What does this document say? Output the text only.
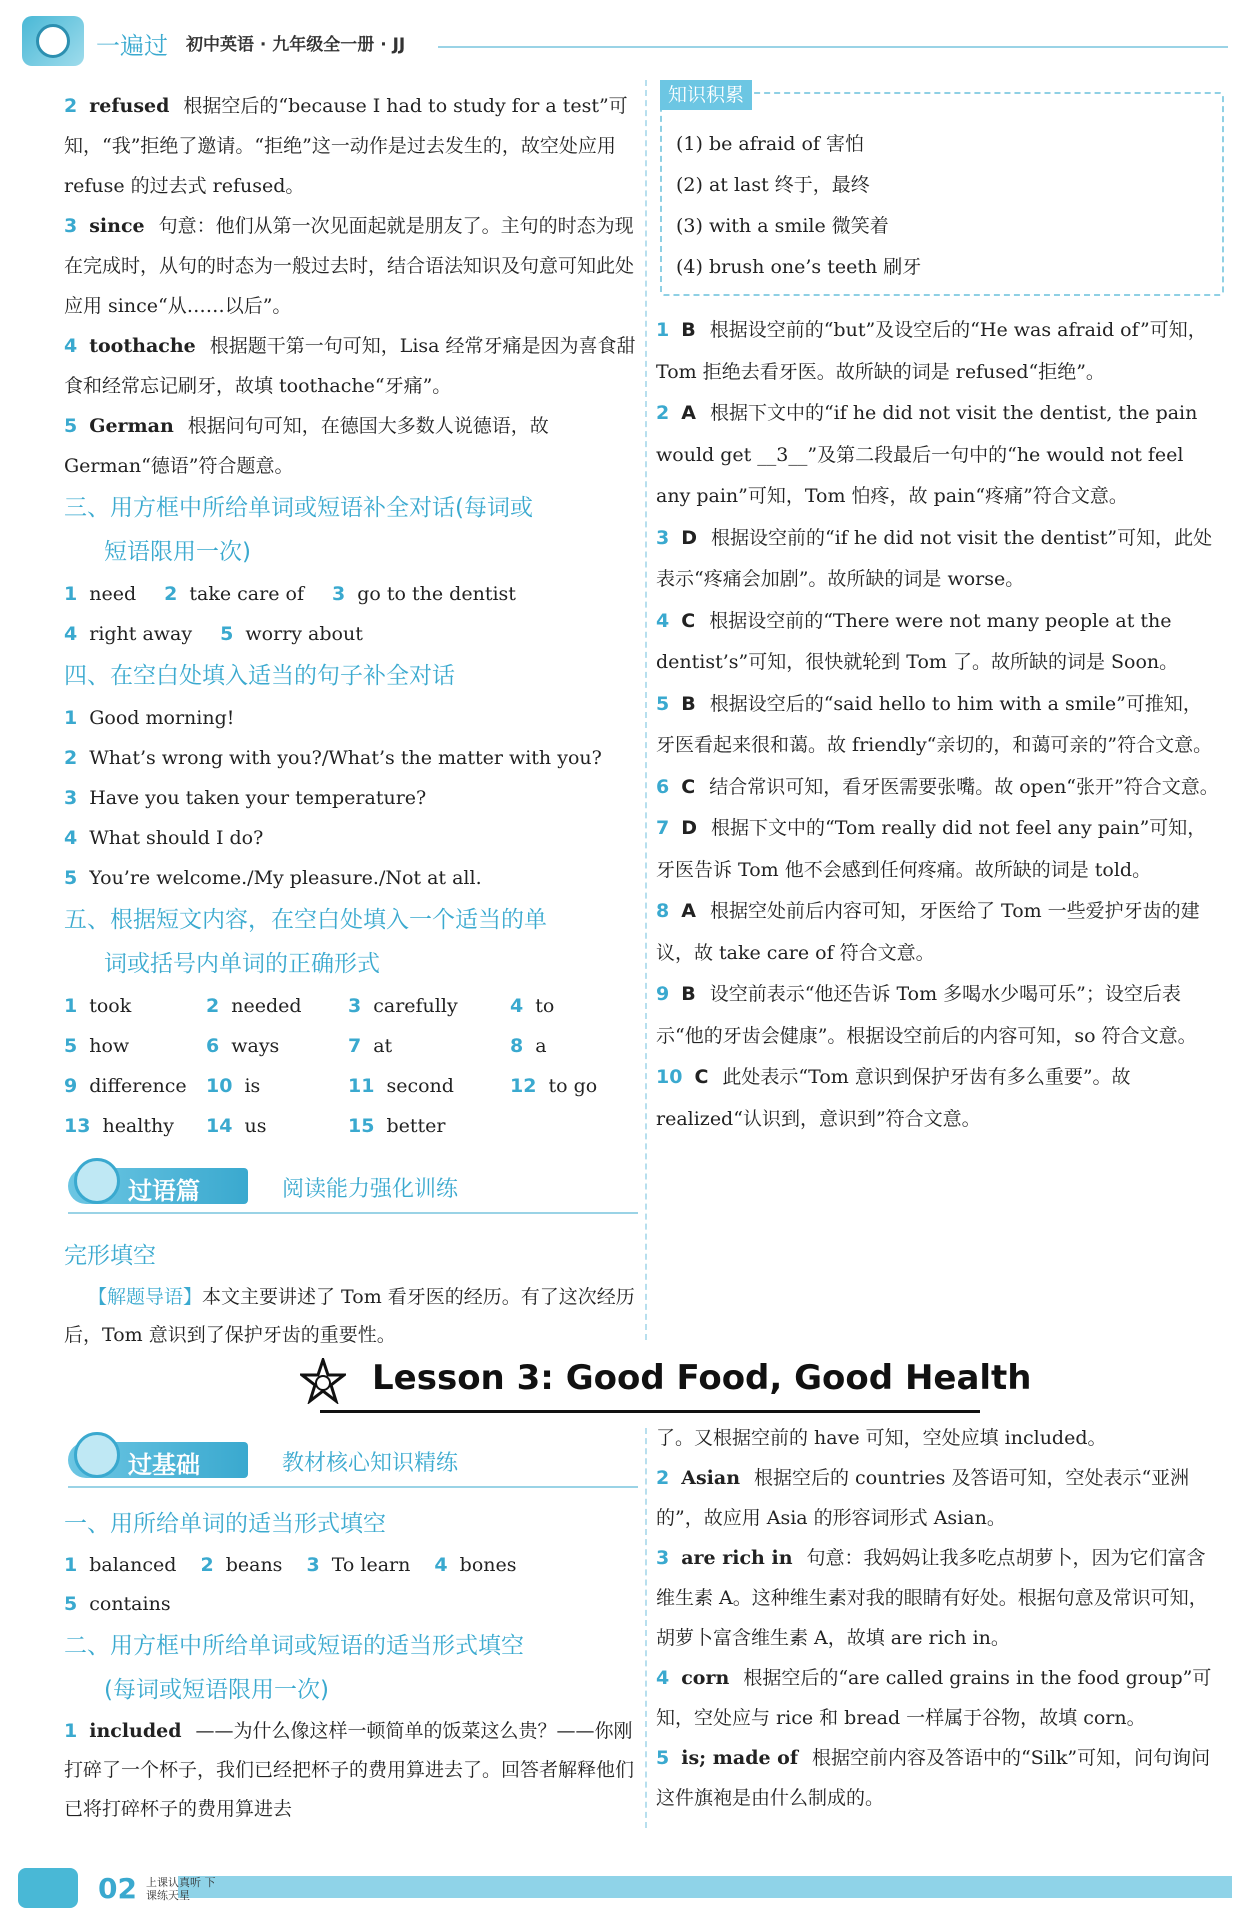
一遍过 初中英语 · 九年级全一册 · JJ

2 refused 根据空后的“because I had to study for a test”可知，“我”拒绝了邀请。“拒绝”这一动作是过去发生的，故空处应用 refuse 的过去式 refused。

3 since 句意：他们从第一次见面起就是朋友了。主句的时态为现在完成时，从句的时态为一般过去时，结合语法知识及句意可知此处应用 since“从……以后”。

4 toothache 根据题干第一句可知，Lisa 经常牙痛是因为喜食甜食和经常忘记刷牙，故填 toothache“牙痛”。

5 German 根据问句可知，在德国大多数人说德语，故 German“德语”符合题意。

三、用方框中所给单词或短语补全对话(每词或

短语限用一次)

1 need 2 take care of 3 go to the dentist

4 right away 5 worry about

四、在空白处填入适当的句子补全对话

1 Good morning!

2 What’s wrong with you?/What’s the matter with you?

3 Have you taken your temperature?

4 What should I do?

5 You’re welcome./My pleasure./Not at all.

五、根据短文内容，在空白处填入一个适当的单

词或括号内单词的正确形式

1 took	2 needed	3 carefully	4 to
5 how	6 ways	7 at	8 a
9 difference	10 is	11 second	12 to go
13 healthy	14 us	15 better
过语篇	阅读能力强化训练

完形填空

【解题导语】本文主要讲述了 Tom 看牙医的经历。有了这次经历后，Tom 意识到了保护牙齿的重要性。

知识积累

(1) be afraid of 害怕

(2) at last 终于，最终

(3) with a smile 微笑着

(4) brush one’s teeth 刷牙

1 B 根据设空前的“but”及设空后的“He was afraid of”可知，Tom 拒绝去看牙医。故所缺的词是 refused“拒绝”。

2 A 根据下文中的“if he did not visit the dentist, the pain would get __3__”及第二段最后一句中的“he would not feel any pain”可知，Tom 怕疼，故 pain“疼痛”符合文意。

3 D 根据设空前的“if he did not visit the dentist”可知，此处表示“疼痛会加剧”。故所缺的词是 worse。

4 C 根据设空前的“There were not many people at the dentist’s”可知，很快就轮到 Tom 了。故所缺的词是 Soon。

5 B 根据设空后的“said hello to him with a smile”可推知，牙医看起来很和蔼。故 friendly“亲切的，和蔼可亲的”符合文意。

6 C 结合常识可知，看牙医需要张嘴。故 open“张开”符合文意。

7 D 根据下文中的“Tom really did not feel any pain”可知，牙医告诉 Tom 他不会感到任何疼痛。故所缺的词是 told。

8 A 根据空处前后内容可知，牙医给了 Tom 一些爱护牙齿的建议，故 take care of 符合文意。

9 B 设空前表示“他还告诉 Tom 多喝水少喝可乐”；设空后表示“他的牙齿会健康”。根据设空前后的内容可知，so 符合文意。

10 C 此处表示“Tom 意识到保护牙齿有多么重要”。故 realized“认识到，意识到”符合文意。

Lesson 3: Good Food, Good Health
过基础	教材核心知识精练

一、用所给单词的适当形式填空

1 balanced 2 beans 3 To learn 4 bones

5 contains

二、用方框中所给单词或短语的适当形式填空

(每词或短语限用一次)

1 included ——为什么像这样一顿简单的饭菜这么贵？——你刚打碎了一个杯子，我们已经把杯子的费用算进去了。回答者解释他们已将打碎杯子的费用算进去

了。又根据空前的 have 可知，空处应填 included。

2 Asian 根据空后的 countries 及答语可知，空处表示“亚洲的”，故应用 Asia 的形容词形式 Asian。

3 are rich in 句意：我妈妈让我多吃点胡萝卜，因为它们富含维生素 A。这种维生素对我的眼睛有好处。根据句意及常识可知，胡萝卜富含维生素 A，故填 are rich in。

4 corn 根据空后的“are called grains in the food group”可知，空处应与 rice 和 bread 一样属于谷物，故填 corn。

5 is; made of 根据空前内容及答语中的“Silk”可知，问句询问这件旗袍是由什么制成的。

02 上课认真听 下课练天星
